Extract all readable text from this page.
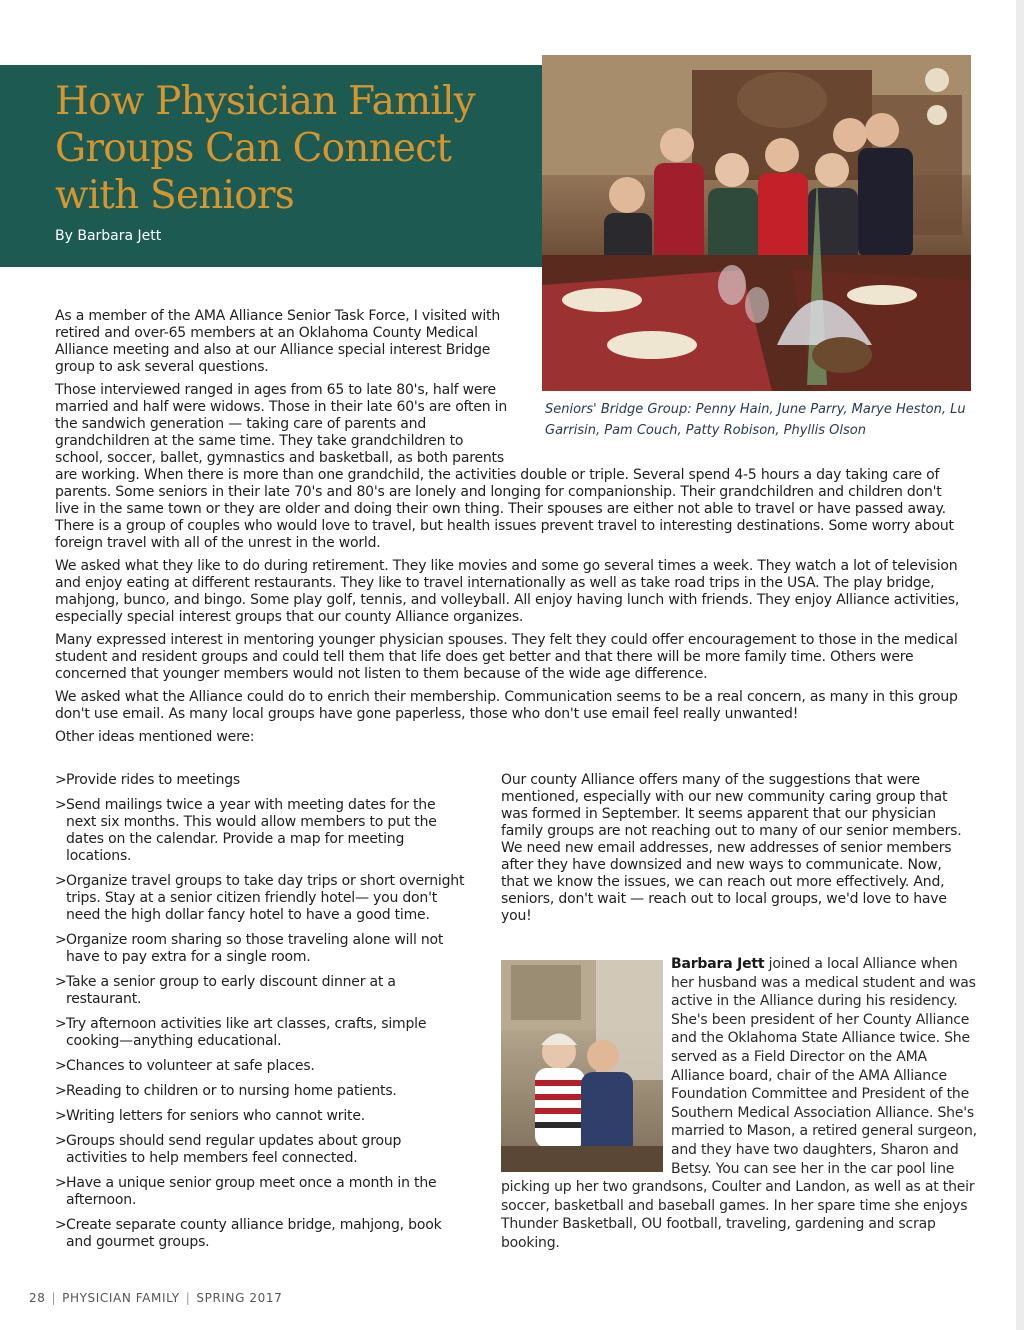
How Physician Family Groups Can Connect with Seniors

By Barbara Jett

Seniors' Bridge Group: Penny Hain, June Parry, Marye Heston, Lu Garrisin, Pam Couch, Patty Robison, Phyllis Olson

As a member of the AMA Alliance Senior Task Force, I visited with retired and over-65 members at an Oklahoma County Medical Alliance meeting and also at our Alliance special interest Bridge group to ask several questions.

Those interviewed ranged in ages from 65 to late 80's, half were married and half were widows. Those in their late 60's are often in the sandwich generation — taking care of parents and grandchildren at the same time. They take grandchildren to school, soccer, ballet, gymnastics and basketball, as both parents are working. When there is more than one grandchild, the activities double or triple. Several spend 4-5 hours a day taking care of parents. Some seniors in their late 70's and 80's are lonely and longing for companionship. Their grandchildren and children don't live in the same town or they are older and doing their own thing. Their spouses are either not able to travel or have passed away. There is a group of couples who would love to travel, but health issues prevent travel to interesting destinations. Some worry about foreign travel with all of the unrest in the world.

We asked what they like to do during retirement. They like movies and some go several times a week. They watch a lot of television and enjoy eating at different restaurants. They like to travel internationally as well as take road trips in the USA. The play bridge, mahjong, bunco, and bingo. Some play golf, tennis, and volleyball. All enjoy having lunch with friends. They enjoy Alliance activities, especially special interest groups that our county Alliance organizes.

Many expressed interest in mentoring younger physician spouses. They felt they could offer encouragement to those in the medical student and resident groups and could tell them that life does get better and that there will be more family time. Others were concerned that younger members would not listen to them because of the wide age difference.

We asked what the Alliance could do to enrich their membership. Communication seems to be a real concern, as many in this group don't use email. As many local groups have gone paperless, those who don't use email feel really unwanted!

Other ideas mentioned were:

> Provide rides to meetings
> Send mailings twice a year with meeting dates for the next six months. This would allow members to put the dates on the calendar. Provide a map for meeting locations.
> Organize travel groups to take day trips or short overnight trips. Stay at a senior citizen friendly hotel— you don't need the high dollar fancy hotel to have a good time.
> Organize room sharing so those traveling alone will not have to pay extra for a single room.
> Take a senior group to early discount dinner at a restaurant.
> Try afternoon activities like art classes, crafts, simple cooking—anything educational.
> Chances to volunteer at safe places.
> Reading to children or to nursing home patients.
> Writing letters for seniors who cannot write.
> Groups should send regular updates about group activities to help members feel connected.
> Have a unique senior group meet once a month in the afternoon.
> Create separate county alliance bridge, mahjong, book and gourmet groups.

Our county Alliance offers many of the suggestions that were mentioned, especially with our new community caring group that was formed in September. It seems apparent that our physician family groups are not reaching out to many of our senior members. We need new email addresses, new addresses of senior members after they have downsized and new ways to communicate. Now, that we know the issues, we can reach out more effectively. And, seniors, don't wait — reach out to local groups, we'd love to have you!

Barbara Jett joined a local Alliance when her husband was a medical student and was active in the Alliance during his residency. She's been president of her County Alliance and the Oklahoma State Alliance twice. She served as a Field Director on the AMA Alliance board, chair of the AMA Alliance Foundation Committee and President of the Southern Medical Association Alliance. She's married to Mason, a retired general surgeon, and they have two daughters, Sharon and Betsy. You can see her in the car pool line picking up her two grandsons, Coulter and Landon, as well as at their soccer, basketball and baseball games. In her spare time she enjoys Thunder Basketball, OU football, traveling, gardening and scrap booking.

28 | PHYSICIAN FAMILY | SPRING 2017
